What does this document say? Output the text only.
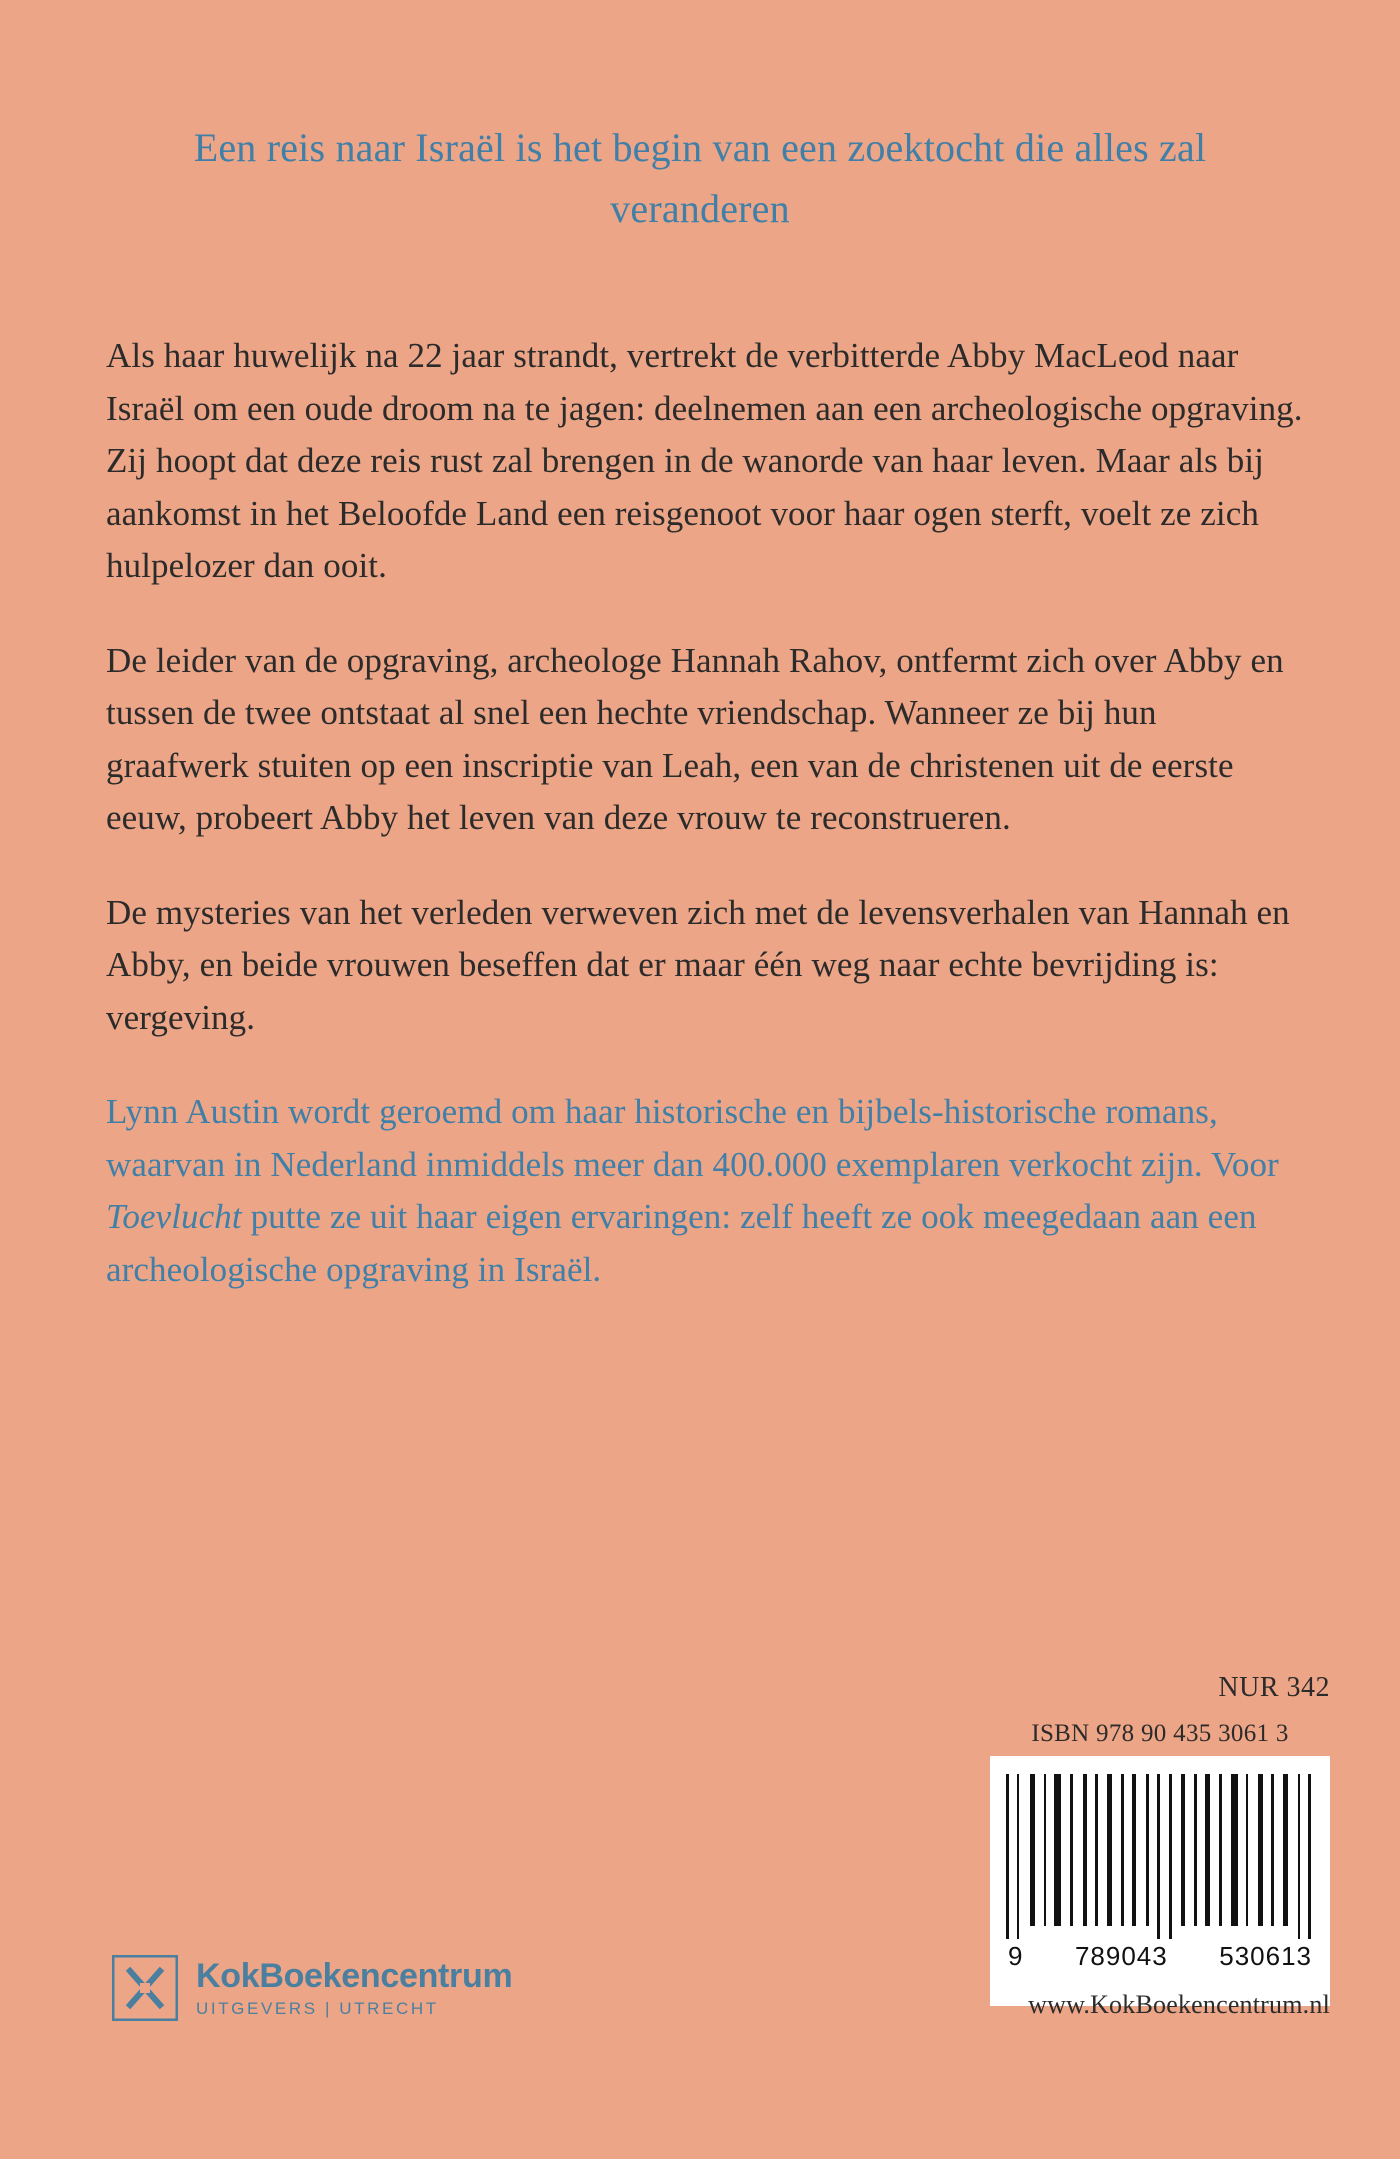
Een reis naar Israël is het begin van een zoektocht die alles zal veranderen

Als haar huwelijk na 22 jaar strandt, vertrekt de verbitterde Abby MacLeod naar Israël om een oude droom na te jagen: deelnemen aan een archeologische opgraving. Zij hoopt dat deze reis rust zal brengen in de wanorde van haar leven. Maar als bij aankomst in het Beloofde Land een reisgenoot voor haar ogen sterft, voelt ze zich hulpelozer dan ooit.

De leider van de opgraving, archeologe Hannah Rahov, ontfermt zich over Abby en tussen de twee ontstaat al snel een hechte vriendschap. Wanneer ze bij hun graafwerk stuiten op een inscriptie van Leah, een van de christenen uit de eerste eeuw, probeert Abby het leven van deze vrouw te reconstrueren.

De mysteries van het verleden verweven zich met de levensverhalen van Hannah en Abby, en beide vrouwen beseffen dat er maar één weg naar echte bevrijding is: vergeving.

Lynn Austin wordt geroemd om haar historische en bijbels-historische romans, waarvan in Nederland inmiddels meer dan 400.000 exemplaren verkocht zijn. Voor Toevlucht putte ze uit haar eigen ervaringen: zelf heeft ze ook meegedaan aan een archeologische opgraving in Israël.

NUR 342
ISBN 978 90 435 3061 3
9 789043 530613
www.KokBoekencentrum.nl
KokBoekencentrum
UITGEVERS | UTRECHT
